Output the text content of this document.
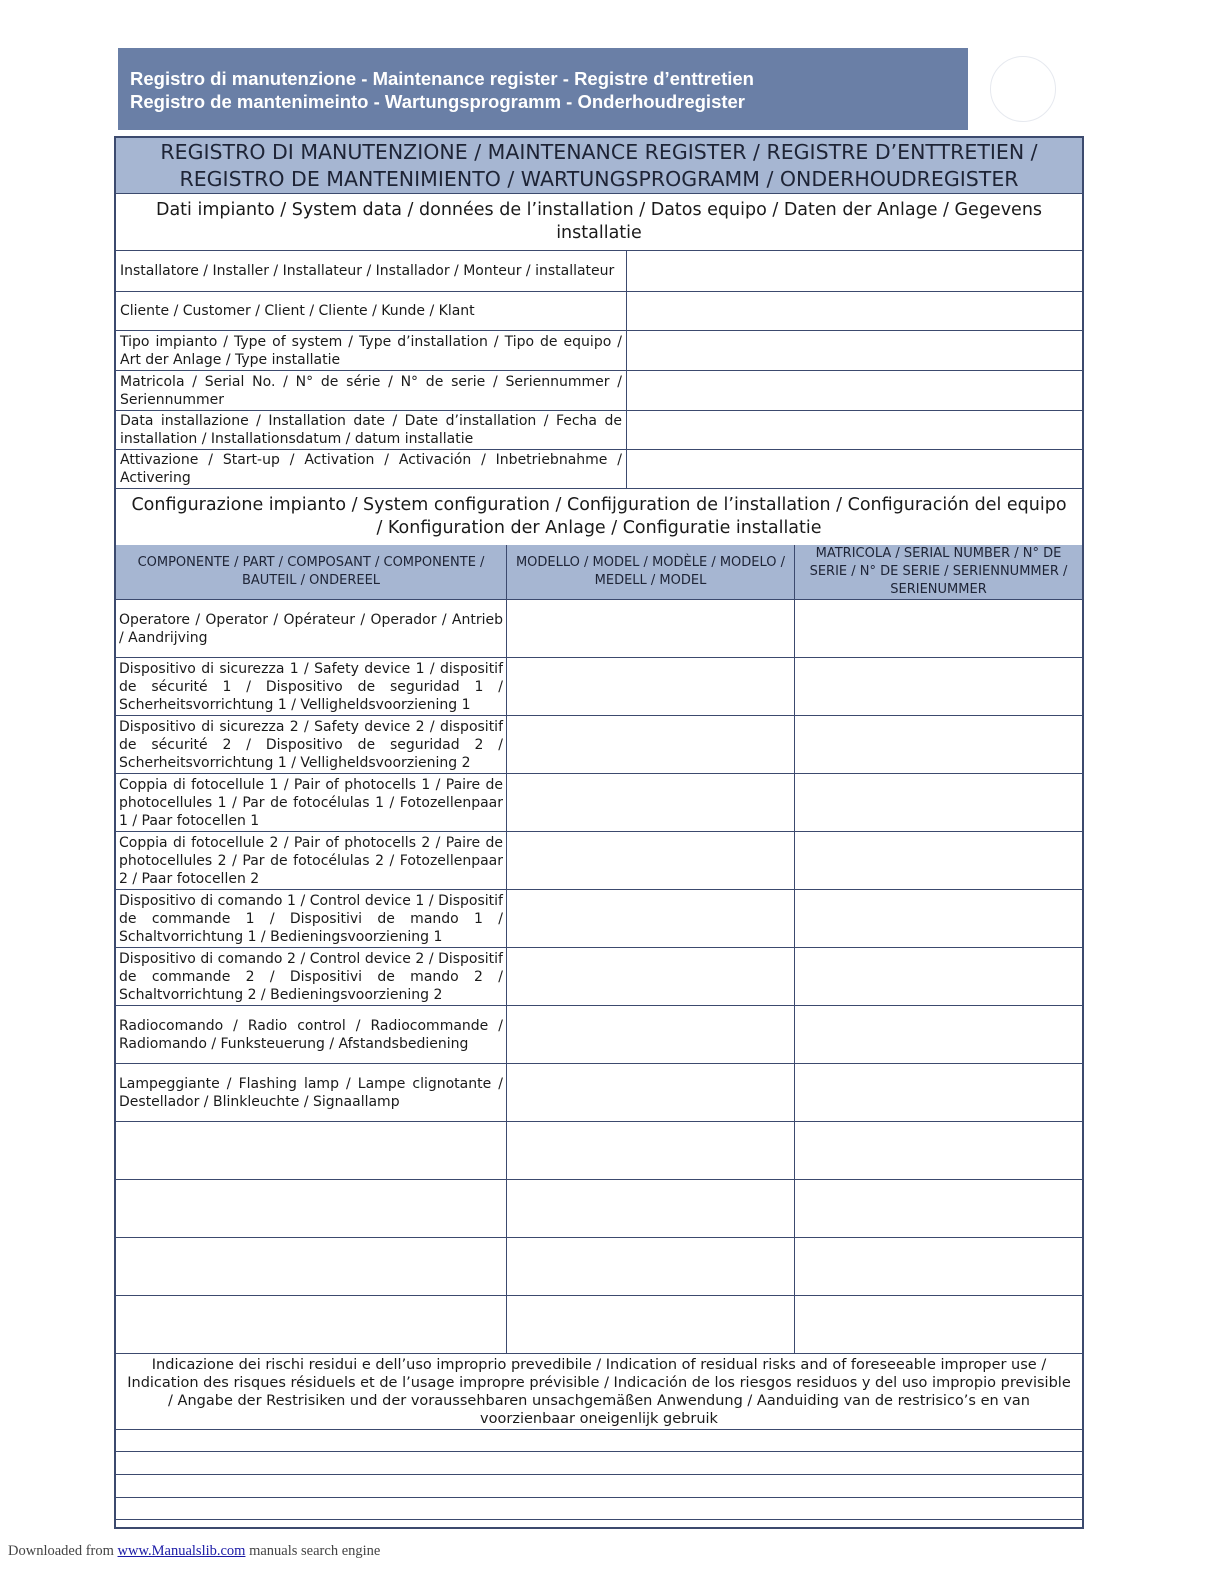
Registro di manutenzione - Maintenance register - Registre d’enttretien
Registro de mantenimeinto - Wartungsprogramm - Onderhoudregister
REGISTRO DI MANUTENZIONE / MAINTENANCE REGISTER / REGISTRE D’ENTTRETIEN / REGISTRO DE MANTENIMIENTO / WARTUNGSPROGRAMM / ONDERHOUDREGISTER
Dati impianto / System data / données de l’installation / Datos equipo / Daten der Anlage / Gegevens installatie
Installatore / Installer / Installateur / Installador / Monteur / installateur
Cliente / Customer / Client / Cliente / Kunde / Klant
Tipo impianto / Type of system / Type d’installation / Tipo de equipo / Art der Anlage / Type installatie
Matricola / Serial No. / N° de série / N° de serie / Seriennummer / Seriennummer
Data installazione / Installation date / Date d’installation / Fecha de installation / Installationsdatum / datum installatie
Attivazione / Start-up / Activation / Activación / Inbetriebnahme / Activering
Configurazione impianto / System configuration / Confijguration de l’installation / Configuración del equipo / Konfiguration der Anlage / Configuratie installatie
COMPONENTE / PART / COMPOSANT / COMPONENTE / BAUTEIL / ONDEREEL
MODELLO / MODEL / MODÈLE / MODELO / MEDELL / MODEL
MATRICOLA / SERIAL NUMBER / N° DE SERIE / N° DE SERIE / SERIENNUMMER / SERIENUMMER
Operatore / Operator / Opérateur / Operador / Antrieb / Aandrijving
Dispositivo di sicurezza 1 / Safety device 1 / dispositif de sécurité 1 / Dispositivo de seguridad 1 / Scherheitsvorrichtung 1 / Velligheldsvoorziening 1
Dispositivo di sicurezza 2 / Safety device 2 / dispositif de sécurité 2 / Dispositivo de seguridad 2 / Scherheitsvorrichtung 1 / Velligheldsvoorziening 2
Coppia di fotocellule 1 / Pair of photocells 1 / Paire de photocellules 1 / Par de fotocélulas 1 / Fotozellenpaar 1 / Paar fotocellen 1
Coppia di fotocellule 2 / Pair of photocells 2 / Paire de photocellules 2 / Par de fotocélulas 2 / Fotozellenpaar 2 / Paar fotocellen 2
Dispositivo di comando 1 / Control device 1 / Dispositif de commande 1 / Dispositivi de mando 1 / Schaltvorrichtung 1 / Bedieningsvoorziening 1
Dispositivo di comando 2 / Control device 2 / Dispositif de commande 2 / Dispositivi de mando 2 / Schaltvorrichtung 2 / Bedieningsvoorziening 2
Radiocomando / Radio control / Radiocommande / Radiomando / Funksteuerung / Afstandsbediening
Lampeggiante / Flashing lamp / Lampe clignotante / Destellador / Blinkleuchte / Signaallamp
Indicazione dei rischi residui e dell’uso improprio prevedibile / Indication of residual risks and of foreseeable improper use / Indication des risques résiduels et de l’usage impropre prévisible / Indicación de los riesgos residuos y del uso impropio previsible / Angabe der Restrisiken und der voraussehbaren unsachgemäßen Anwendung / Aanduiding van de restrisico’s en van voorzienbaar oneigenlijk gebruik
Downloaded from www.Manualslib.com manuals search engine
